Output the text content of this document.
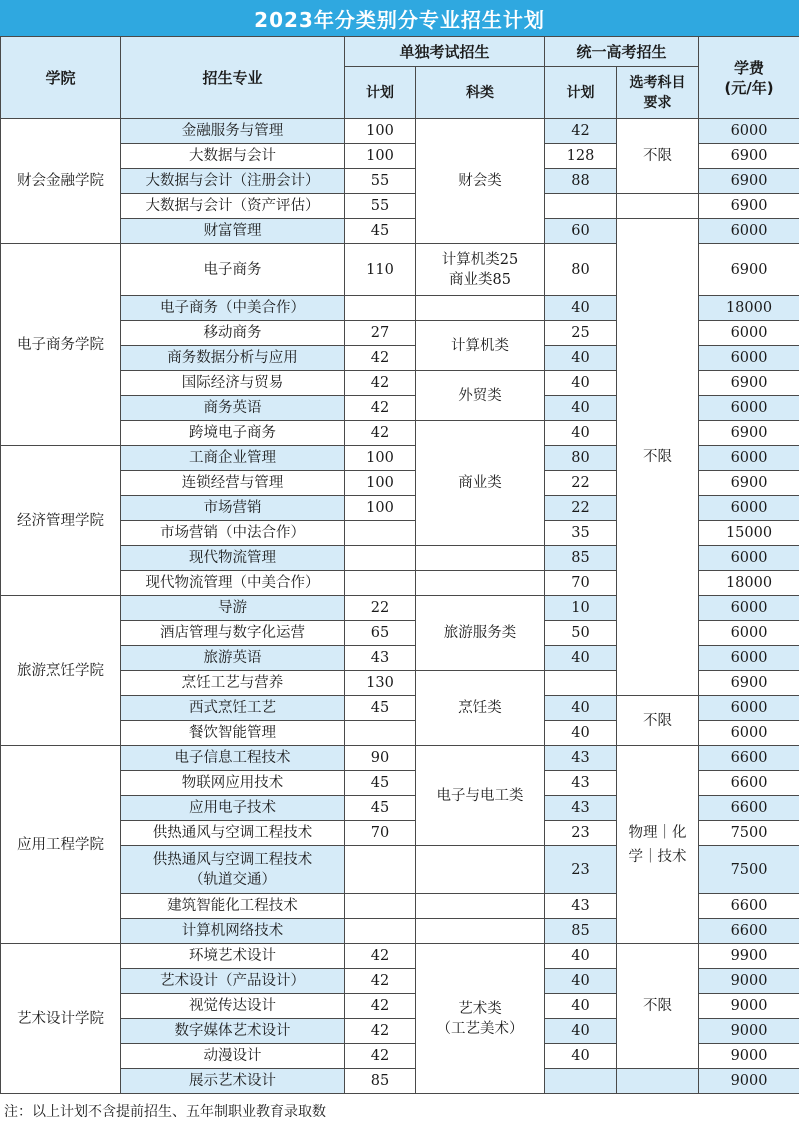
2023年分类别分专业招生计划
学院	招生专业	单独考试招生		统一高考招生		学费
(元/年)
		计划	科类	计划	选考科目要求	
财会金融学院	金融服务与管理	100	财会类	42	不限	6000
	大数据与会计	100		128		6900
	大数据与会计（注册会计）	55		88		6900
	大数据与会计（资产评估）	55				6900
	财富管理	45		60	不限	6000
电子商务学院	电子商务	110	计算机类25
商业类85	80		6900
	电子商务（中美合作）			40		18000
	移动商务	27	计算机类	25		6000
	商务数据分析与应用	42		40		6000
	国际经济与贸易	42	外贸类	40		6900
	商务英语	42		40		6000
	跨境电子商务	42	商业类	40		6900
经济管理学院	工商企业管理	100		80		6000
	连锁经营与管理	100		22		6900
	市场营销	100		22		6000
	市场营销（中法合作）			35		15000
	现代物流管理			85		6000
	现代物流管理（中美合作）			70		18000
旅游烹饪学院	导游	22	旅游服务类	10		6000
	酒店管理与数字化运营	65		50		6000
	旅游英语	43		40		6000
	烹饪工艺与营养	130	烹饪类			6900
	西式烹饪工艺	45		40	不限	6000
	餐饮智能管理			40		6000
应用工程学院	电子信息工程技术	90	电子与电工类	43	物理｜化学｜技术	6600
	物联网应用技术	45		43		6600
	应用电子技术	45		43		6600
	供热通风与空调工程技术	70		23		7500
	供热通风与空调工程技术
（轨道交通）			23		7500
	建筑智能化工程技术			43		6600
	计算机网络技术			85		6600
艺术设计学院	环境艺术设计	42	艺术类
（工艺美术）	40	不限	9900
	艺术设计（产品设计）	42		40		9000
	视觉传达设计	42		40		9000
	数字媒体艺术设计	42		40		9000
	动漫设计	42		40		9000
	展示艺术设计	85				9000
注：以上计划不含提前招生、五年制职业教育录取数
